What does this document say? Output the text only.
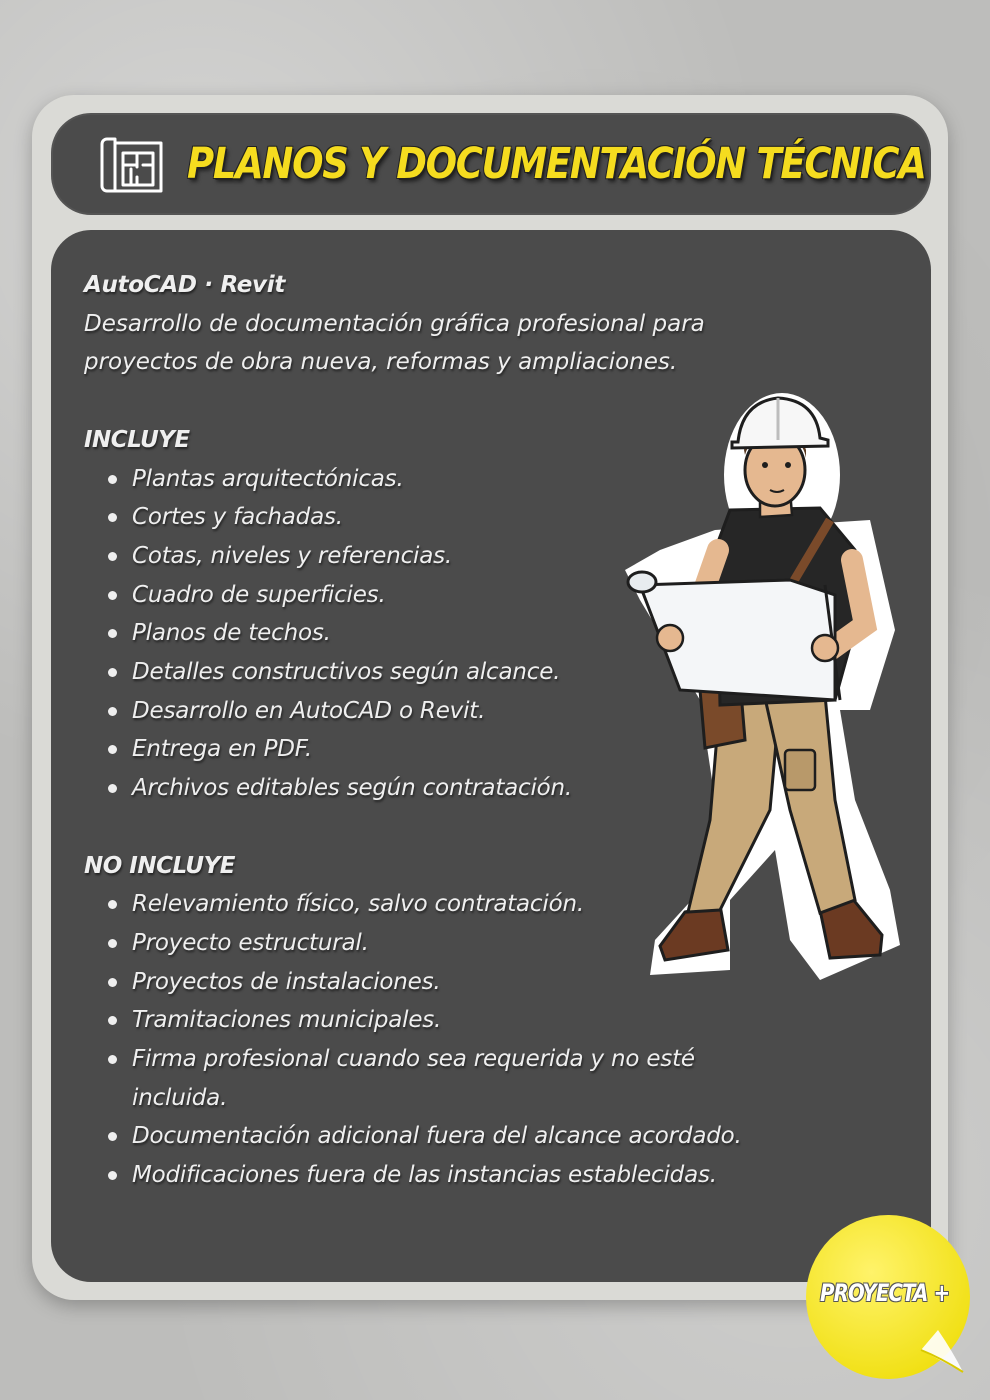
PLANOS Y DOCUMENTACIÓN TÉCNICA
AutoCAD · Revit

Desarrollo de documentación gráfica profesional para proyectos de obra nueva, reformas y ampliaciones.

INCLUYE
Plantas arquitectónicas.
Cortes y fachadas.
Cotas, niveles y referencias.
Cuadro de superficies.
Planos de techos.
Detalles constructivos según alcance.
Desarrollo en AutoCAD o Revit.
Entrega en PDF.
Archivos editables según contratación.
NO INCLUYE
Relevamiento físico, salvo contratación.
Proyecto estructural.
Proyectos de instalaciones.
Tramitaciones municipales.
Firma profesional cuando sea requerida y no esté incluida.
Documentación adicional fuera del alcance acordado.
Modificaciones fuera de las instancias establecidas.
PROYECTA +
